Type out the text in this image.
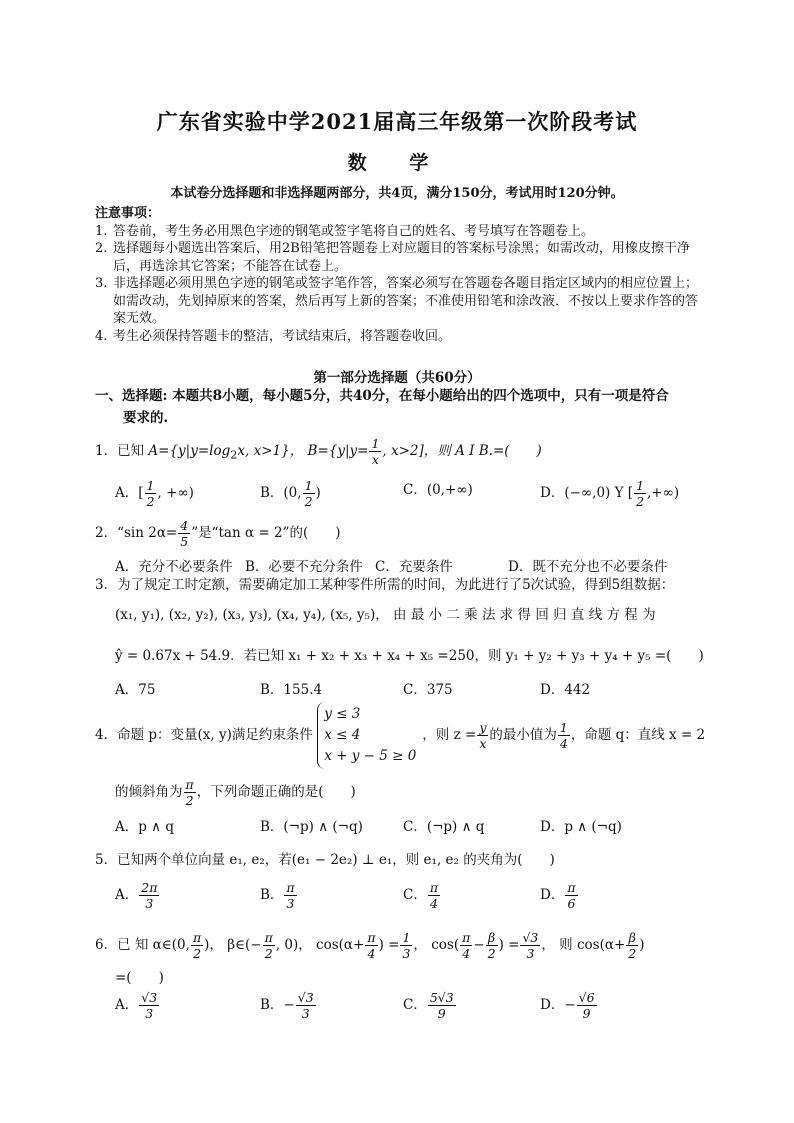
广东省实验中学2021届高三年级第一次阶段考试
数 学
本试卷分选择题和非选择题两部分，共4页，满分150分，考试用时120分钟。
注意事项：
1. 答卷前，考生务必用黑色字迹的钢笔或签字笔将自己的姓名、考号填写在答题卷上。
2. 选择题每小题选出答案后，用2B铅笔把答题卷上对应题目的答案标号涂黑；如需改动，用橡皮擦干净后，再选涂其它答案；不能答在试卷上。
3. 非选择题必须用黑色字迹的钢笔或签字笔作答，答案必须写在答题卷各题目指定区域内的相应位置上；如需改动，先划掉原来的答案，然后再写上新的答案；不准使用铅笔和涂改液．不按以上要求作答的答案无效。
4. 考生必须保持答题卡的整洁，考试结束后，将答题卷收回。
第一部分选择题（共60分）
一、选择题: 本题共8小题，每小题5分，共40分，在每小题给出的四个选项中，只有一项是符合
要求的.
1．已知 $A=\{y|y=\log_2x$, x>1}， $B=\{y|y= \frac{1}{x}$ , x>2]，则 A I B.=(　　)
A．[ $\frac{1}{2}$ , +∞)	B．(0, $\frac{1}{2}$ )	C．(0,+∞)	D．(−∞,0) Y [ $\frac{1}{2}$ ,+∞)
2．“sin $2\alpha= \frac{4}{5}$ ”是“tan α = 2”的(　　)
A．充分不必要条件 B．必要不充分条件 C．充要条件	D．既不充分也不必要条件
3．为了规定工时定额，需要确定加工某种零件所需的时间，为此进行了5次试验，得到5组数据：
(x₁, y₁), (x₂, y₂), (x₃, y₃), (x₄, y₄), (x₅, y₅)， 由 最 小 二 乘 法 求 得 回 归 直 线 方 程 为
ŷ = 0.67x + 54.9．若已知 x₁ + x₂ + x₃ + x₄ + x₅ =250，则 y₁ + y₂ + y₃ + y₄ + y₅ =(　　)
A．75	B．155.4	C．375	D．442
4．命题 p：变量(x, y)满足约束条件
y ≤ 3
x ≤ 4
x + y − 5 ≥ 0
，则 $z = \frac{y}{x}$ 的最小值为 $\frac{1}{4}$ ，命题 q：直线 x = 2
的倾斜角为 $\frac{\pi}{2}$ ，下列命题正确的是(　　)
A．p ∧ q	B．(¬p) ∧ (¬q)	C．(¬p) ∧ q	D．p ∧ (¬q)
5．已知两个单位向量 e₁, e₂，若(e₁ − 2e₂) ⊥ e₁，则 e₁, e₂ 的夹角为(　　)
A． $\frac{2\pi}{3}$	B． $\frac{\pi}{3}$	C． $\frac{\pi}{4}$	D． $\frac{\pi}{6}$
6．已 知 α∈(0, $\frac{\pi}{2}$ )， β∈(− $\frac{\pi}{2}$ , 0)， $\cos(\alpha+ \frac{\pi}{4}$ ) = $\frac{1}{3}$ ， $\cos( \frac{\pi}{4} - \frac{\beta}{2}$ ) = $\frac{√3}{3}$ ， 则 $\cos(\alpha+ \frac{\beta}{2}$ )
=(　　)
A． $\frac{√3}{3}$	B．− $\frac{√3}{3}$	C． $\frac{5√3}{9}$	D．− $\frac{√6}{9}$
